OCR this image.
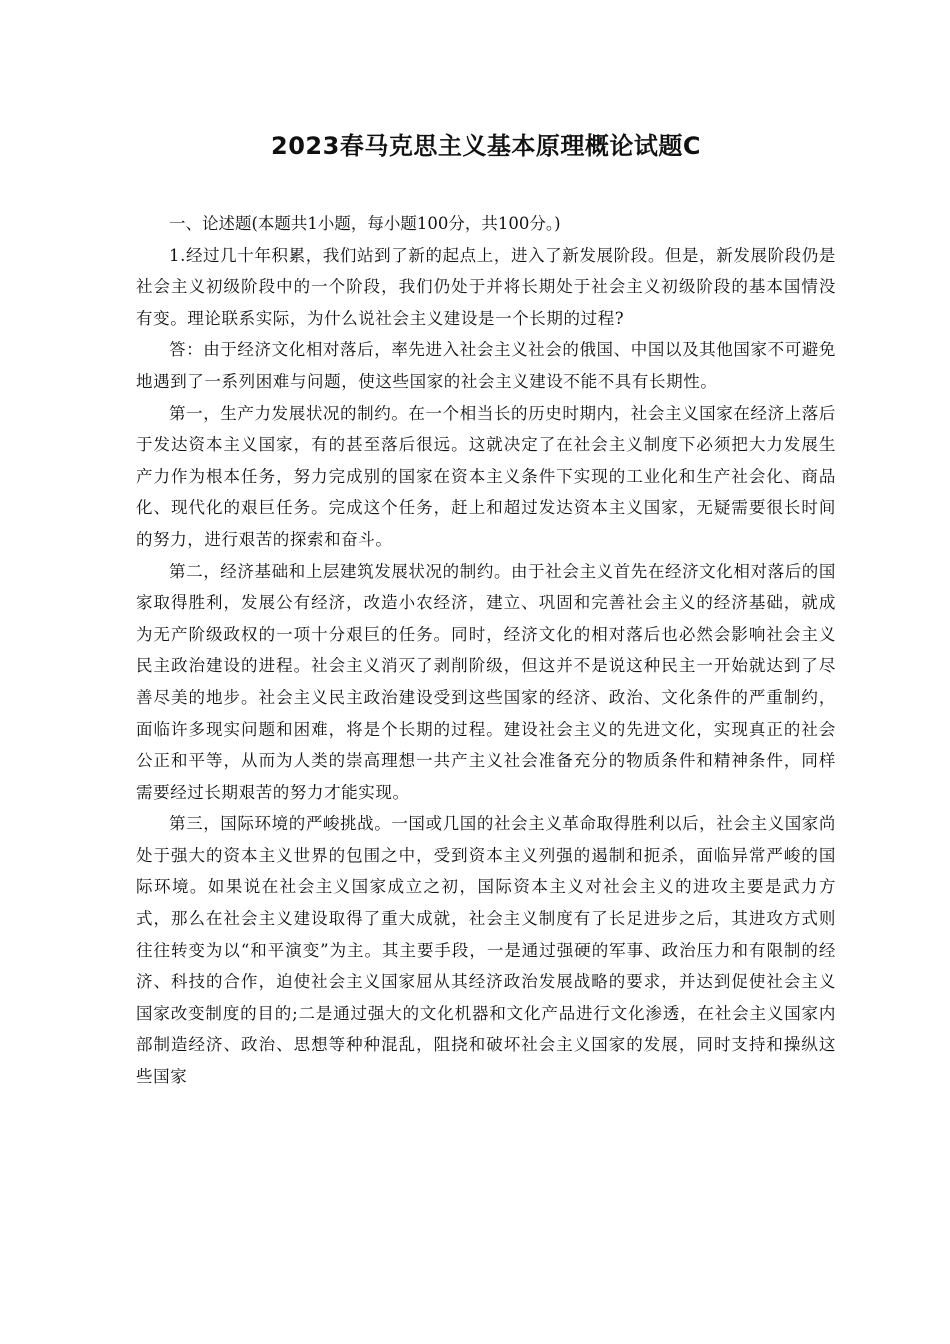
2023春马克思主义基本原理概论试题C

一、论述题(本题共1小题，每小题100分，共100分。)

1.经过几十年积累，我们站到了新的起点上，进入了新发展阶段。但是，新发展阶段仍是社会主义初级阶段中的一个阶段，我们仍处于并将长期处于社会主义初级阶段的基本国情没有变。理论联系实际，为什么说社会主义建设是一个长期的过程?

答：由于经济文化相对落后，率先进入社会主义社会的俄国、中国以及其他国家不可避免地遇到了一系列困难与问题，使这些国家的社会主义建设不能不具有长期性。

第一，生产力发展状况的制约。在一个相当长的历史时期内，社会主义国家在经济上落后于发达资本主义国家，有的甚至落后很远。这就决定了在社会主义制度下必须把大力发展生产力作为根本任务，努力完成别的国家在资本主义条件下实现的工业化和生产社会化、商品化、现代化的艰巨任务。完成这个任务，赶上和超过发达资本主义国家，无疑需要很长时间的努力，进行艰苦的探索和奋斗。

第二，经济基础和上层建筑发展状况的制约。由于社会主义首先在经济文化相对落后的国家取得胜利，发展公有经济，改造小农经济，建立、巩固和完善社会主义的经济基础，就成为无产阶级政权的一项十分艰巨的任务。同时，经济文化的相对落后也必然会影响社会主义民主政治建设的进程。社会主义消灭了剥削阶级，但这并不是说这种民主一开始就达到了尽善尽美的地步。社会主义民主政治建设受到这些国家的经济、政治、文化条件的严重制约，面临许多现实问题和困难，将是个长期的过程。建设社会主义的先进文化，实现真正的社会公正和平等，从而为人类的崇高理想一共产主义社会准备充分的物质条件和精神条件，同样需要经过长期艰苦的努力才能实现。

第三，国际环境的严峻挑战。一国或几国的社会主义革命取得胜利以后，社会主义国家尚处于强大的资本主义世界的包围之中，受到资本主义列强的遏制和扼杀，面临异常严峻的国际环境。如果说在社会主义国家成立之初，国际资本主义对社会主义的进攻主要是武力方式，那么在社会主义建设取得了重大成就，社会主义制度有了长足进步之后，其进攻方式则往往转变为以“和平演变”为主。其主要手段，一是通过强硬的军事、政治压力和有限制的经济、科技的合作，迫使社会主义国家屈从其经济政治发展战略的要求，并达到促使社会主义国家改变制度的目的;二是通过强大的文化机器和文化产品进行文化渗透，在社会主义国家内部制造经济、政治、思想等种种混乱，阻挠和破坏社会主义国家的发展，同时支持和操纵这些国家
